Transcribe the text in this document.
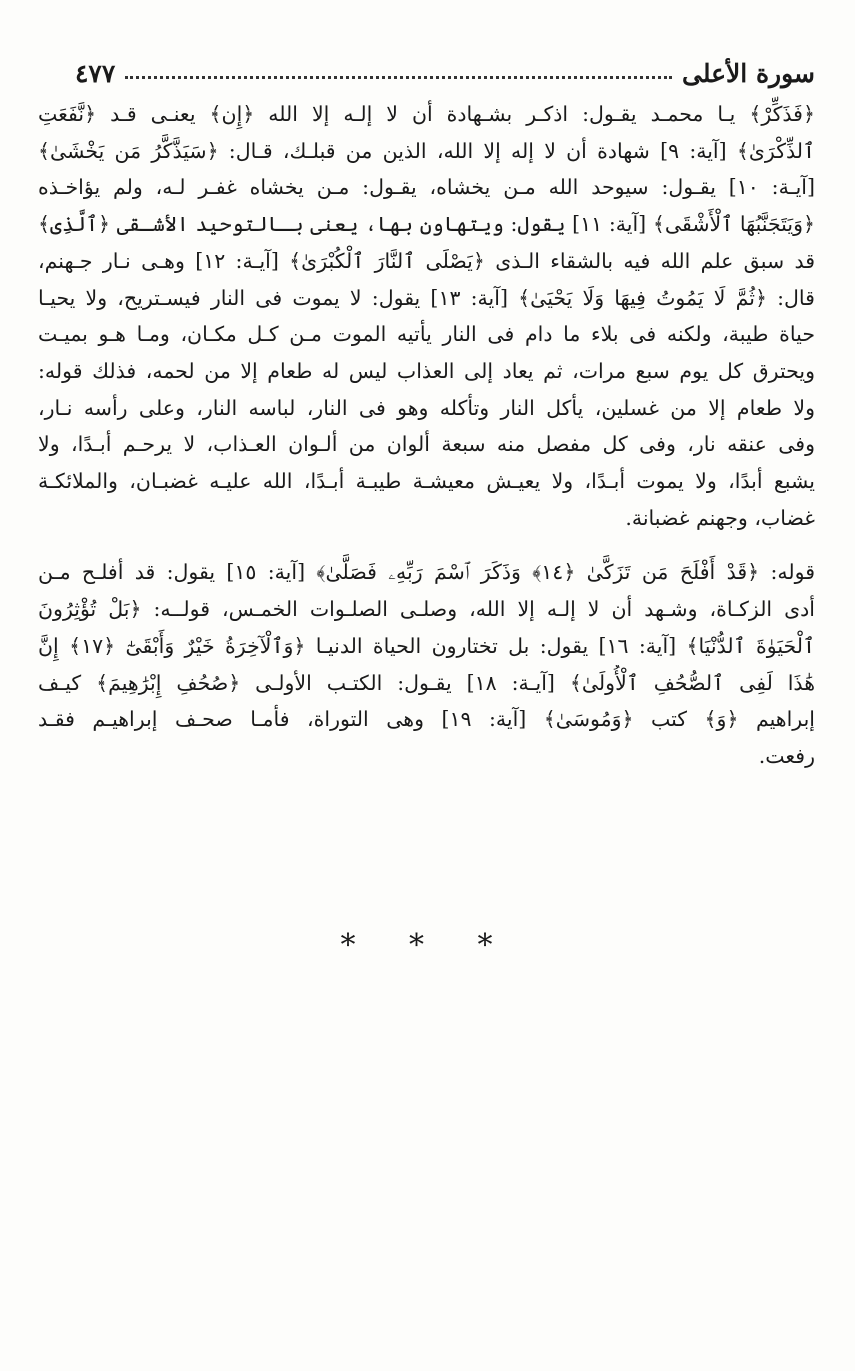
سورة الأعلى
٤٧٧
﴿فَذَكِّرْ﴾ يـا محمـد يقـول: اذكـر بشـهادة أن لا إلـه إلا الله ﴿إِن﴾ يعنـى قـد ﴿نَّفَعَتِ
ٱلذِّكْرَىٰ﴾ [آية: ٩] شهادة أن لا إله إلا الله، الذين من قبلـك، قـال: ﴿سَيَذَّكَّرُ مَن يَخْشَىٰ﴾
[آيـة: ١٠] يقـول: سيوحد الله مـن يخشاه، يقـول: مـن يخشاه غفـر لـه، ولم يؤاخـذه
﴿وَيَتَجَنَّبُهَا ٱلْأَشْقَى﴾ [آية: ١١] يقول: ويتهاون بها، يعنى بـالتوحيد الأشـقى ﴿ٱلَّذِى﴾
قد سبق علم الله فيه بالشقاء الـذى ﴿يَصْلَى ٱلنَّارَ ٱلْكُبْرَىٰ﴾ [آيـة: ١٢] وهـى نـار جـهنم،
قال: ﴿ثُمَّ لَا يَمُوتُ فِيهَا وَلَا يَحْيَىٰ﴾ [آية: ١٣] يقول: لا يموت فى النار فيسـتريح، ولا يحيـا
حياة طيبة، ولكنه فى بلاء ما دام فى النار يأتيه الموت مـن كـل مكـان، ومـا هـو بميـت
ويحترق كل يوم سبع مرات، ثم يعاد إلى العذاب ليس له طعام إلا من لحمه، فذلك قوله:
ولا طعام إلا من غسلين، يأكل النار وتأكله وهو فى النار، لباسه النار، وعلى رأسه نـار،
وفى عنقه نار، وفى كل مفصل منه سبعة ألوان من ألـوان العـذاب، لا يرحـم أبـدًا، ولا
يشبع أبدًا، ولا يموت أبـدًا، ولا يعيـش معيشـة طيبـة أبـدًا، الله عليـه غضبـان، والملائكـة
غضاب، وجهنم غضبانة.
قوله: ﴿قَدْ أَفْلَحَ مَن تَزَكَّىٰ ﴿١٤﴾ وَذَكَرَ ٱسْمَ رَبِّهِۦ فَصَلَّىٰ﴾ [آية: ١٥] يقول: قد أفلـح مـن
أدى الزكـاة، وشـهد أن لا إلـه إلا الله، وصلـى الصلـوات الخمـس، قولــه: ﴿بَلْ تُؤْثِرُونَ
ٱلْحَيَوٰةَ ٱلدُّنْيَا﴾ [آية: ١٦] يقول: بل تختارون الحياة الدنيـا ﴿وَٱلْآخِرَةُ خَيْرٌ وَأَبْقَىٰٓ ﴿١٧﴾ إِنَّ
هَٰذَا لَفِى ٱلصُّحُفِ ٱلْأُولَىٰ﴾ [آيـة: ١٨] يقـول: الكتـب الأولـى ﴿صُحُفِ إِبْرَٰهِيمَ﴾ كيـف
إبراهيم ﴿وَ﴾ كتب ﴿وَمُوسَىٰ﴾ [آية: ١٩] وهى التوراة، فأمـا صحـف إبراهيـم فقـد
رفعت.
* * *
